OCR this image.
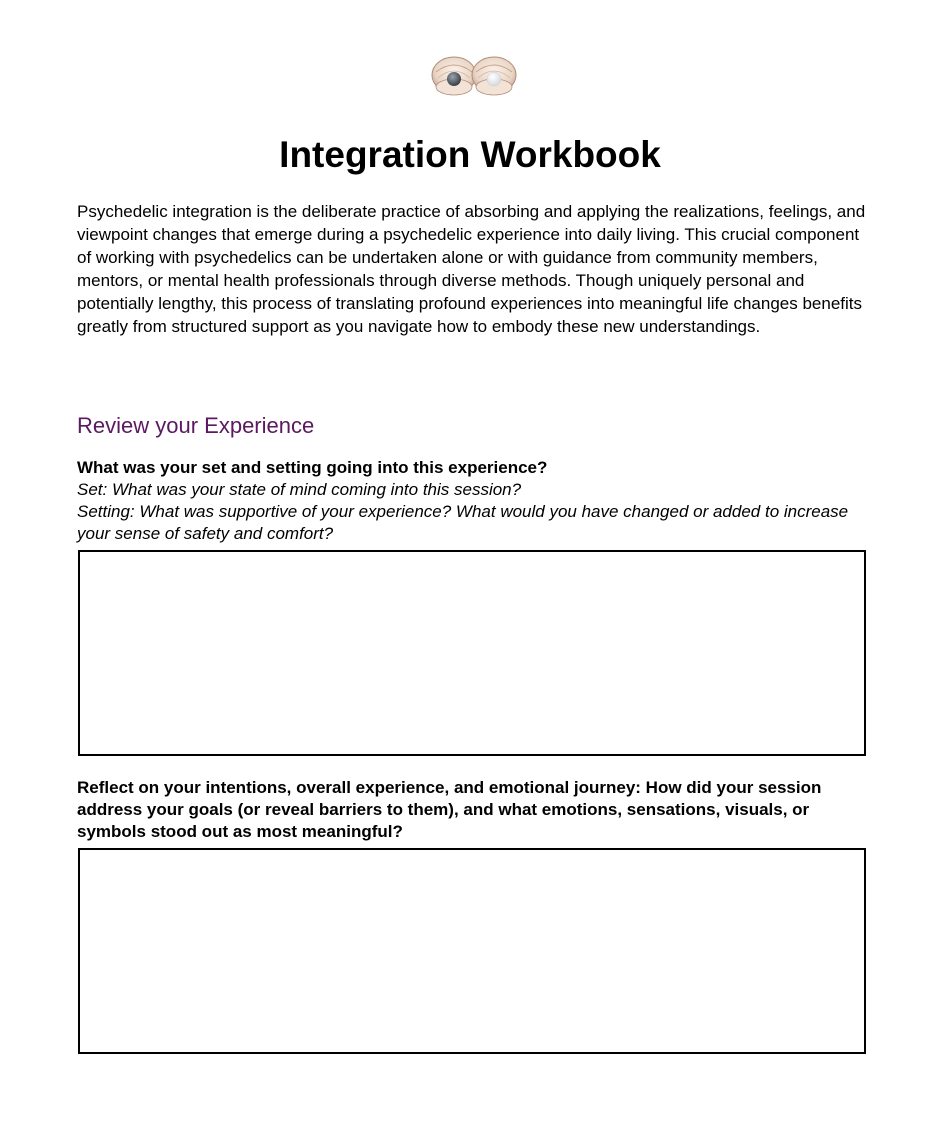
Integration Workbook

Psychedelic integration is the deliberate practice of absorbing and applying the realizations, feelings, and viewpoint changes that emerge during a psychedelic experience into daily living. This crucial component of working with psychedelics can be undertaken alone or with guidance from community members, mentors, or mental health professionals through diverse methods. Though uniquely personal and potentially lengthy, this process of translating profound experiences into meaningful life changes benefits greatly from structured support as you navigate how to embody these new understandings.

Review your Experience
What was your set and setting going into this experience?
Set: What was your state of mind coming into this session?
Setting: What was supportive of your experience? What would you have changed or added to increase your sense of safety and comfort?
Reflect on your intentions, overall experience, and emotional journey: How did your session address your goals (or reveal barriers to them), and what emotions, sensations, visuals, or symbols stood out as most meaningful?
